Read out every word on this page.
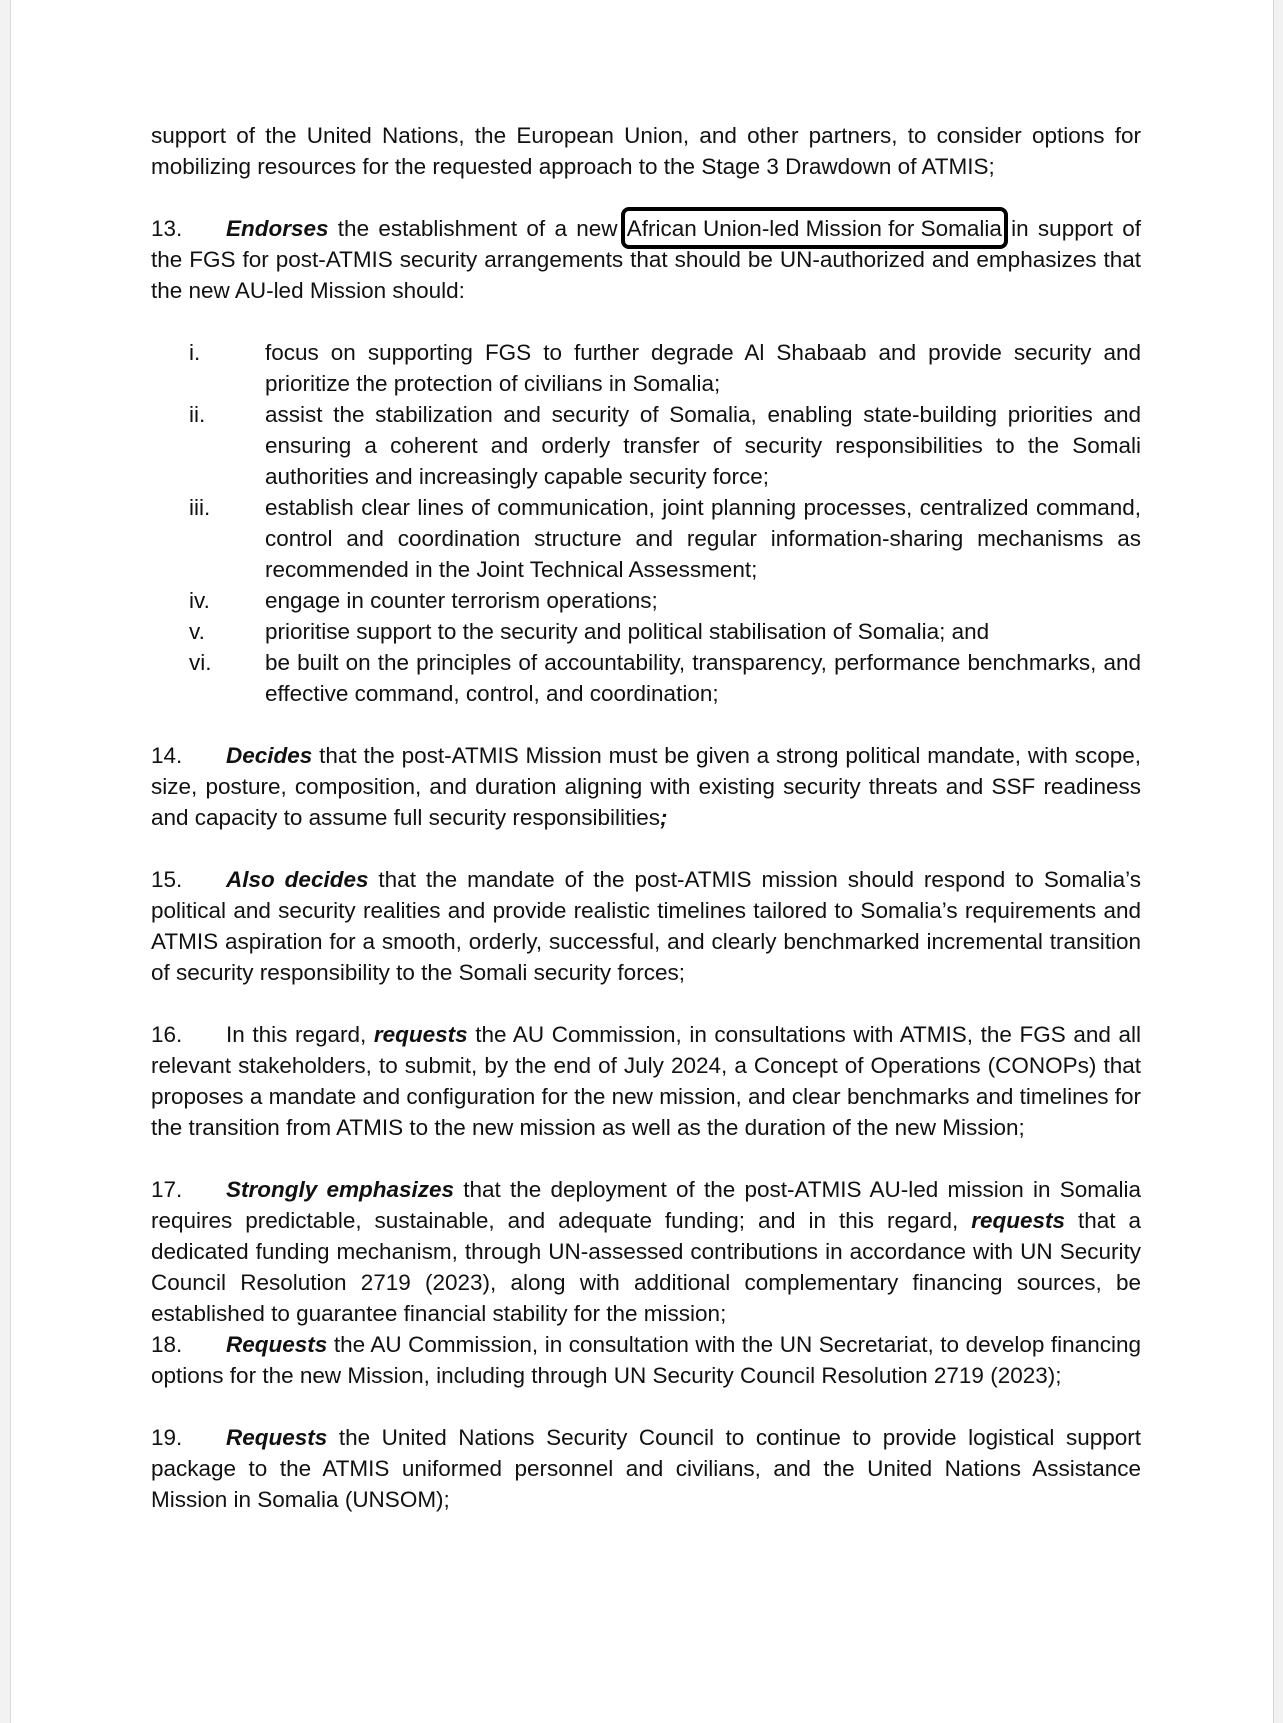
support of the United Nations, the European Union, and other partners, to consider options for mobilizing resources for the requested approach to the Stage 3 Drawdown of ATMIS;

13. Endorses the establishment of a new African Union-led Mission for Somalia in support of the FGS for post-ATMIS security arrangements that should be UN-authorized and emphasizes that the new AU-led Mission should:

i.	focus on supporting FGS to further degrade Al Shabaab and provide security and prioritize the protection of civilians in Somalia;
ii.	assist the stabilization and security of Somalia, enabling state-building priorities and ensuring a coherent and orderly transfer of security responsibilities to the Somali authorities and increasingly capable security force;
iii.	establish clear lines of communication, joint planning processes, centralized command, control and coordination structure and regular information-sharing mechanisms as recommended in the Joint Technical Assessment;
iv.	engage in counter terrorism operations;
v.	prioritise support to the security and political stabilisation of Somalia; and
vi.	be built on the principles of accountability, transparency, performance benchmarks, and effective command, control, and coordination;

14. Decides that the post-ATMIS Mission must be given a strong political mandate, with scope, size, posture, composition, and duration aligning with existing security threats and SSF readiness and capacity to assume full security responsibilities;

15. Also decides that the mandate of the post-ATMIS mission should respond to Somalia’s political and security realities and provide realistic timelines tailored to Somalia’s requirements and ATMIS aspiration for a smooth, orderly, successful, and clearly benchmarked incremental transition of security responsibility to the Somali security forces;

16. In this regard, requests the AU Commission, in consultations with ATMIS, the FGS and all relevant stakeholders, to submit, by the end of July 2024, a Concept of Operations (CONOPs) that proposes a mandate and configuration for the new mission, and clear benchmarks and timelines for the transition from ATMIS to the new mission as well as the duration of the new Mission;

17. Strongly emphasizes that the deployment of the post-ATMIS AU-led mission in Somalia requires predictable, sustainable, and adequate funding; and in this regard, requests that a dedicated funding mechanism, through UN-assessed contributions in accordance with UN Security Council Resolution 2719 (2023), along with additional complementary financing sources, be established to guarantee financial stability for the mission;

18. Requests the AU Commission, in consultation with the UN Secretariat, to develop financing options for the new Mission, including through UN Security Council Resolution 2719 (2023);

19. Requests the United Nations Security Council to continue to provide logistical support package to the ATMIS uniformed personnel and civilians, and the United Nations Assistance Mission in Somalia (UNSOM);
